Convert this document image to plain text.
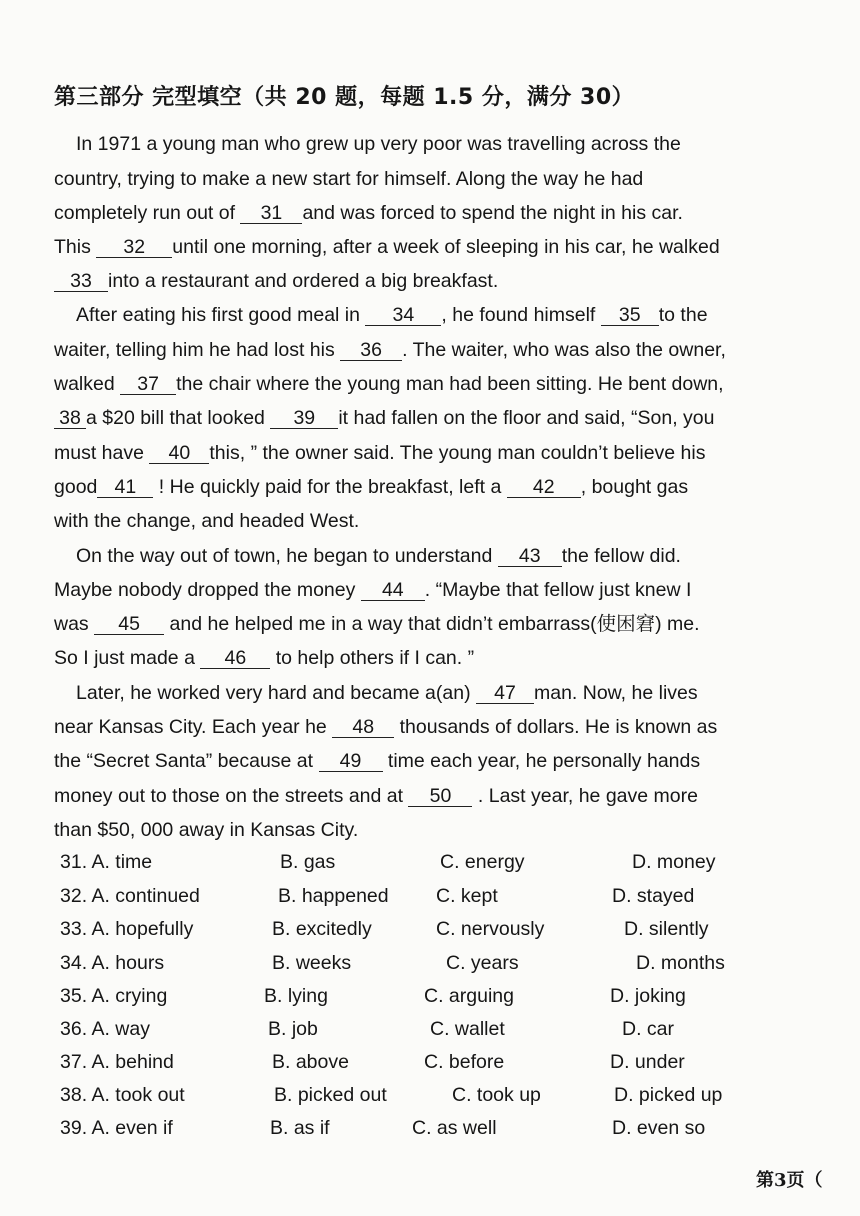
第三部分 完型填空（共 20 题，每题 1.5 分，满分 30）
In 1971 a young man who grew up very poor was travelling across the
country, trying to make a new start for himself. Along the way he had
completely run out of 31 and was forced to spend the night in his car.
This 32 until one morning, after a week of sleeping in his car, he walked
33 into a restaurant and ordered a big breakfast.
After eating his first good meal in 34 , he found himself 35 to the
waiter, telling him he had lost his 36 . The waiter, who was also the owner,
walked 37 the chair where the young man had been sitting. He bent down,
38 a $20 bill that looked 39 it had fallen on the floor and said, “Son, you
must have 40 this, ” the owner said. The young man couldn’t believe his
good 41 ! He quickly paid for the breakfast, left a 42 , bought gas
with the change, and headed West.
On the way out of town, he began to understand 43 the fellow did.
Maybe nobody dropped the money 44 . “Maybe that fellow just knew I
was 45 and he helped me in a way that didn’t embarrass(使困窘) me.
So I just made a 46 to help others if I can. ”
Later, he worked very hard and became a(an) 47 man. Now, he lives
near Kansas City. Each year he 48 thousands of dollars. He is known as
the “Secret Santa” because at 49 time each year, he personally hands
money out to those on the streets and at 50 . Last year, he gave more
than $50, 000 away in Kansas City.
31. A. time	B. gas	C. energy	D. money
32. A. continued	B. happened C. kept	D. stayed
33. A. hopefully	B. excitedly	C. nervously	D. silently
34. A. hours	B. weeks	C. years	D. months
35. A. crying	B. lying	C. arguing	D. joking
36. A. way	B. job	C. wallet	D. car
37. A. behind	B. above	C. before	D. under
38. A. took out	B. picked out	C. took up	D. picked up
39. A. even if	B. as if	C. as well	D. even so
第3页（
